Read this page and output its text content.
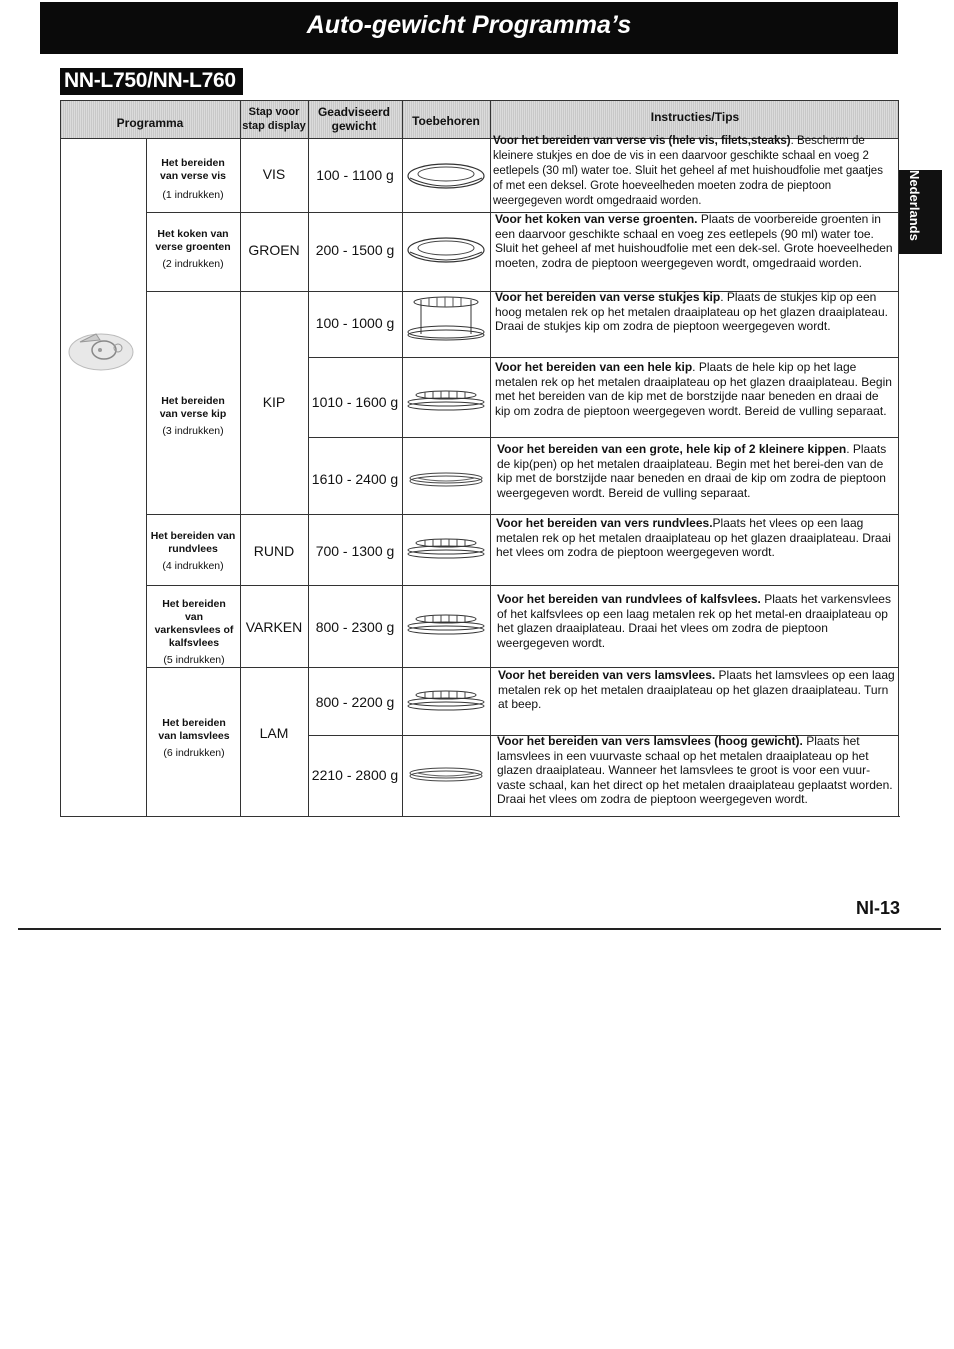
Auto-gewicht Programma’s
NN-L750/NN-L760
Nederlands
Programma
Stap voor
stap display
Geadviseerd
gewicht	Toebehoren	Instructies/Tips
Het bereiden
van verse vis
(1 indrukken)
Het koken van
verse groenten
(2 indrukken)
Het bereiden
van verse kip
(3 indrukken)
Het bereiden van
rundvlees
(4 indrukken)
Het bereiden
van
varkensvlees of
kalfsvlees
(5 indrukken)
Het bereiden
van lamsvlees
(6 indrukken)
VIS
GROEN
KIP
RUND
VARKEN
LAM
100 - 1100 g
200 - 1500 g
100 - 1000 g
1010 - 1600 g
1610 - 2400 g
700 - 1300 g
800 - 2300 g
800 - 2200 g
2210 - 2800 g
Voor het bereiden van verse vis (hele vis, filets,steaks). Bescherm de kleinere stukjes en doe de vis in een daarvoor geschikte schaal en voeg 2 eetlepels (30 ml) water toe. Sluit het geheel af met huishoudfolie met gaatjes of met een deksel. Grote hoeveelheden moeten zodra de pieptoon weergegeven wordt omgedraaid worden.
Voor het koken van verse groenten. Plaats de voorbereide groenten in een daarvoor geschikte schaal en voeg zes eetlepels (90 ml) water toe. Sluit het geheel af met huishoudfolie met een dek-sel. Grote hoeveelheden moeten, zodra de pieptoon weergegeven wordt, omgedraaid worden.
Voor het bereiden van verse stukjes kip. Plaats de stukjes kip op een hoog metalen rek op het metalen draaiplateau op het glazen draaiplateau. Draai de stukjes kip om zodra de pieptoon weergegeven wordt.
Voor het bereiden van een hele kip. Plaats de hele kip op het lage metalen rek op het metalen draaiplateau op het glazen draaiplateau. Begin met het bereiden van de kip met de borstzijde naar beneden en draai de kip om zodra de pieptoon weergegeven wordt. Bereid de vulling separaat.
Voor het bereiden van een grote, hele kip of 2 kleinere kippen. Plaats de kip(pen) op het metalen draaiplateau. Begin met het berei-den van de kip met de borstzijde naar beneden en draai de kip om zodra de pieptoon weergegeven wordt. Bereid de vulling separaat.
Voor het bereiden van vers rundvlees.Plaats het vlees op een laag metalen rek op het metalen draaiplateau op het glazen draaiplateau. Draai het vlees om zodra de pieptoon weergegeven wordt.
Voor het bereiden van rundvlees of kalfsvlees. Plaats het varkensvlees of het kalfsvlees op een laag metalen rek op het metal-en draaiplateau op het glazen draaiplateau. Draai het vlees om zodra de pieptoon weergegeven wordt.
Voor het bereiden van vers lamsvlees. Plaats het lamsvlees op een laag metalen rek op het metalen draaiplateau op het glazen draaiplateau. Turn at beep.
Voor het bereiden van vers lamsvlees (hoog gewicht). Plaats het lamsvlees in een vuurvaste schaal op het metalen draaiplateau op het glazen draaiplateau. Wanneer het lamsvlees te groot is voor een vuur-vaste schaal, kan het direct op het metalen draaiplateau geplaatst worden. Draai het vlees om zodra de pieptoon weergegeven wordt.
Nl-13
